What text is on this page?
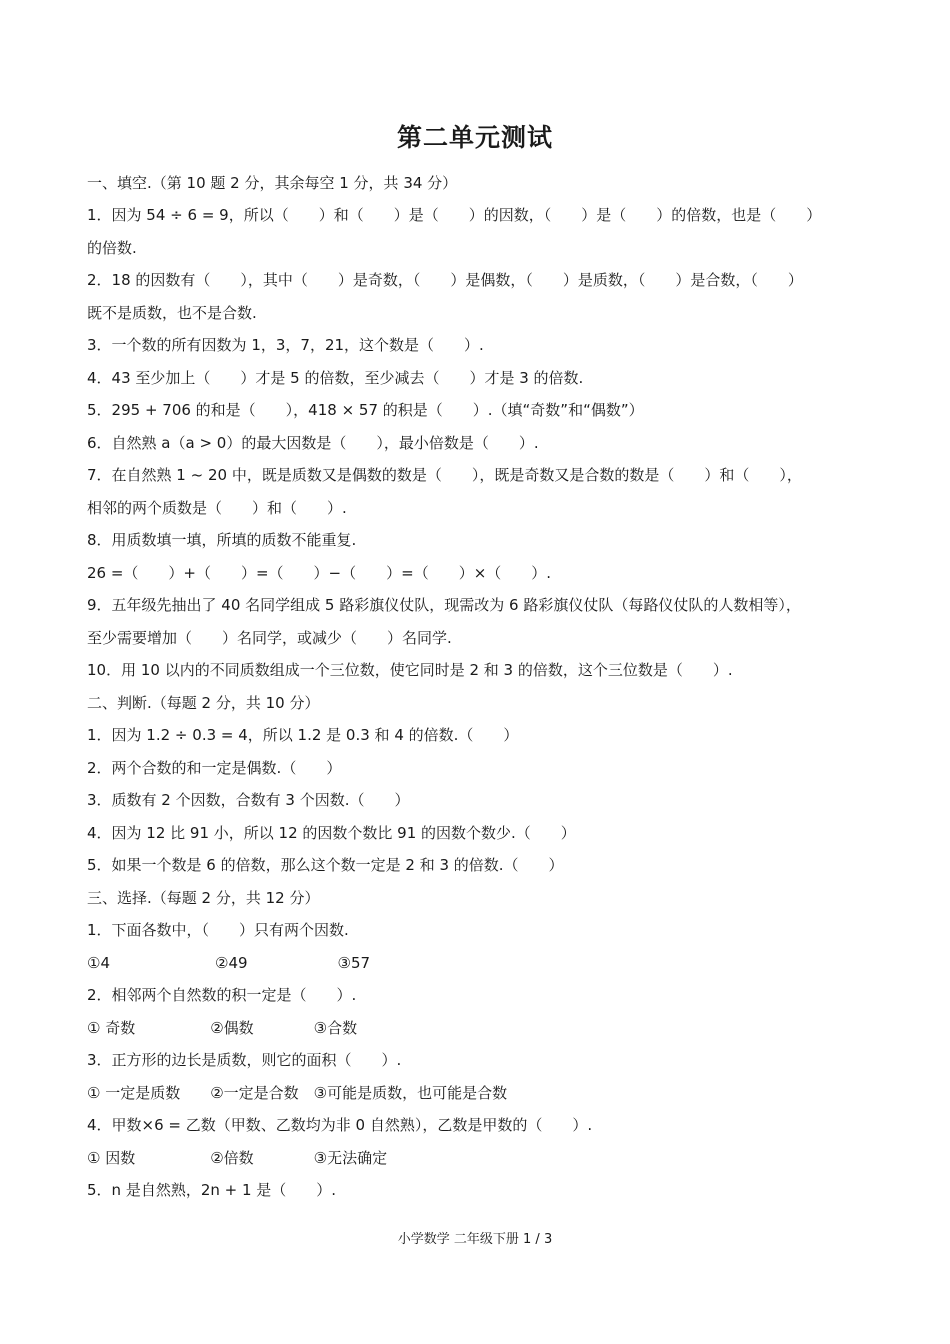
第二单元测试
一、填空.（第 10 题 2 分，其余每空 1 分，共 34 分）
1．因为 54 ÷ 6 = 9，所以（　　）和（　　）是（　　）的因数，（　　）是（　　）的倍数，也是（　　）
的倍数.
2．18 的因数有（　　），其中（　　）是奇数，（　　）是偶数，（　　）是质数，（　　）是合数，（　　）
既不是质数，也不是合数.
3．一个数的所有因数为 1，3，7，21，这个数是（　　）.
4．43 至少加上（　　）才是 5 的倍数，至少减去（　　）才是 3 的倍数.
5．295 + 706 的和是（　　），418 × 57 的积是（　　）.（填“奇数”和“偶数”）
6．自然熟 a（a > 0）的最大因数是（　　），最小倍数是（　　）.
7．在自然熟 1 ~ 20 中，既是质数又是偶数的数是（　　），既是奇数又是合数的数是（　　）和（　　），
相邻的两个质数是（　　）和（　　）.
8．用质数填一填，所填的质数不能重复.
26 =（　　）+（　　）=（　　）−（　　）=（　　）×（　　）.
9．五年级先抽出了 40 名同学组成 5 路彩旗仪仗队，现需改为 6 路彩旗仪仗队（每路仪仗队的人数相等），
至少需要增加（　　）名同学，或减少（　　）名同学.
10．用 10 以内的不同质数组成一个三位数，使它同时是 2 和 3 的倍数，这个三位数是（　　）.
二、判断.（每题 2 分，共 10 分）
1．因为 1.2 ÷ 0.3 = 4，所以 1.2 是 0.3 和 4 的倍数.（　　）
2．两个合数的和一定是偶数.（　　）
3．质数有 2 个因数，合数有 3 个因数.（　　）
4．因为 12 比 91 小，所以 12 的因数个数比 91 的因数个数少.（　　）
5．如果一个数是 6 的倍数，那么这个数一定是 2 和 3 的倍数.（　　）
三、选择.（每题 2 分，共 12 分）
1．下面各数中，（　　）只有两个因数.
①4　　　　　　　②49　　　　　　③57
2．相邻两个自然数的积一定是（　　）.
① 奇数　　　　　②偶数　　　　③合数
3．正方形的边长是质数，则它的面积（　　）.
① 一定是质数　　②一定是合数　③可能是质数，也可能是合数
4．甲数×6 = 乙数（甲数、乙数均为非 0 自然熟），乙数是甲数的（　　）.
① 因数　　　　　②倍数　　　　③无法确定
5．n 是自然熟，2n + 1 是（　　）.
小学数学 二年级下册 1 / 3
